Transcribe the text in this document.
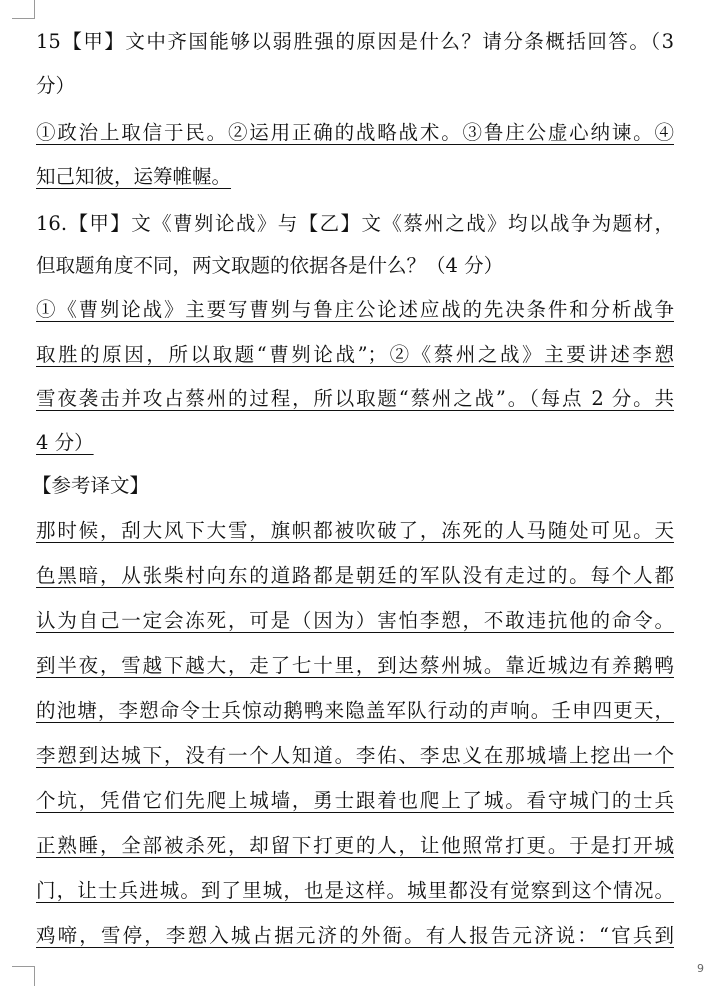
15【甲】文中齐国能够以弱胜强的原因是什么？请分条概括回答。（3
分）
①政治上取信于民。②运用正确的战略战术。③鲁庄公虚心纳谏。④
知己知彼，运筹帷幄。
16.【甲】文《曹刿论战》与【乙】文《蔡州之战》均以战争为题材，
但取题角度不同，两文取题的依据各是什么？（4 分）
①《曹刿论战》主要写曹刿与鲁庄公论述应战的先决条件和分析战争
取胜的原因，所以取题“曹刿论战”；②《蔡州之战》主要讲述李愬
雪夜袭击并攻占蔡州的过程，所以取题“蔡州之战”。（每点 2 分。共
4 分）
【参考译文】
那时候，刮大风下大雪，旗帜都被吹破了，冻死的人马随处可见。天
色黑暗，从张柴村向东的道路都是朝廷的军队没有走过的。每个人都
认为自己一定会冻死，可是（因为）害怕李愬，不敢违抗他的命令。
到半夜，雪越下越大，走了七十里，到达蔡州城。靠近城边有养鹅鸭
的池塘，李愬命令士兵惊动鹅鸭来隐盖军队行动的声响。壬申四更天，
李愬到达城下，没有一个人知道。李佑、李忠义在那城墙上挖出一个
个坑，凭借它们先爬上城墙，勇士跟着也爬上了城。看守城门的士兵
正熟睡，全部被杀死，却留下打更的人，让他照常打更。于是打开城
门，让士兵进城。到了里城，也是这样。城里都没有觉察到这个情况。
鸡啼，雪停，李愬入城占据元济的外衙。有人报告元济说：“官兵到
9
